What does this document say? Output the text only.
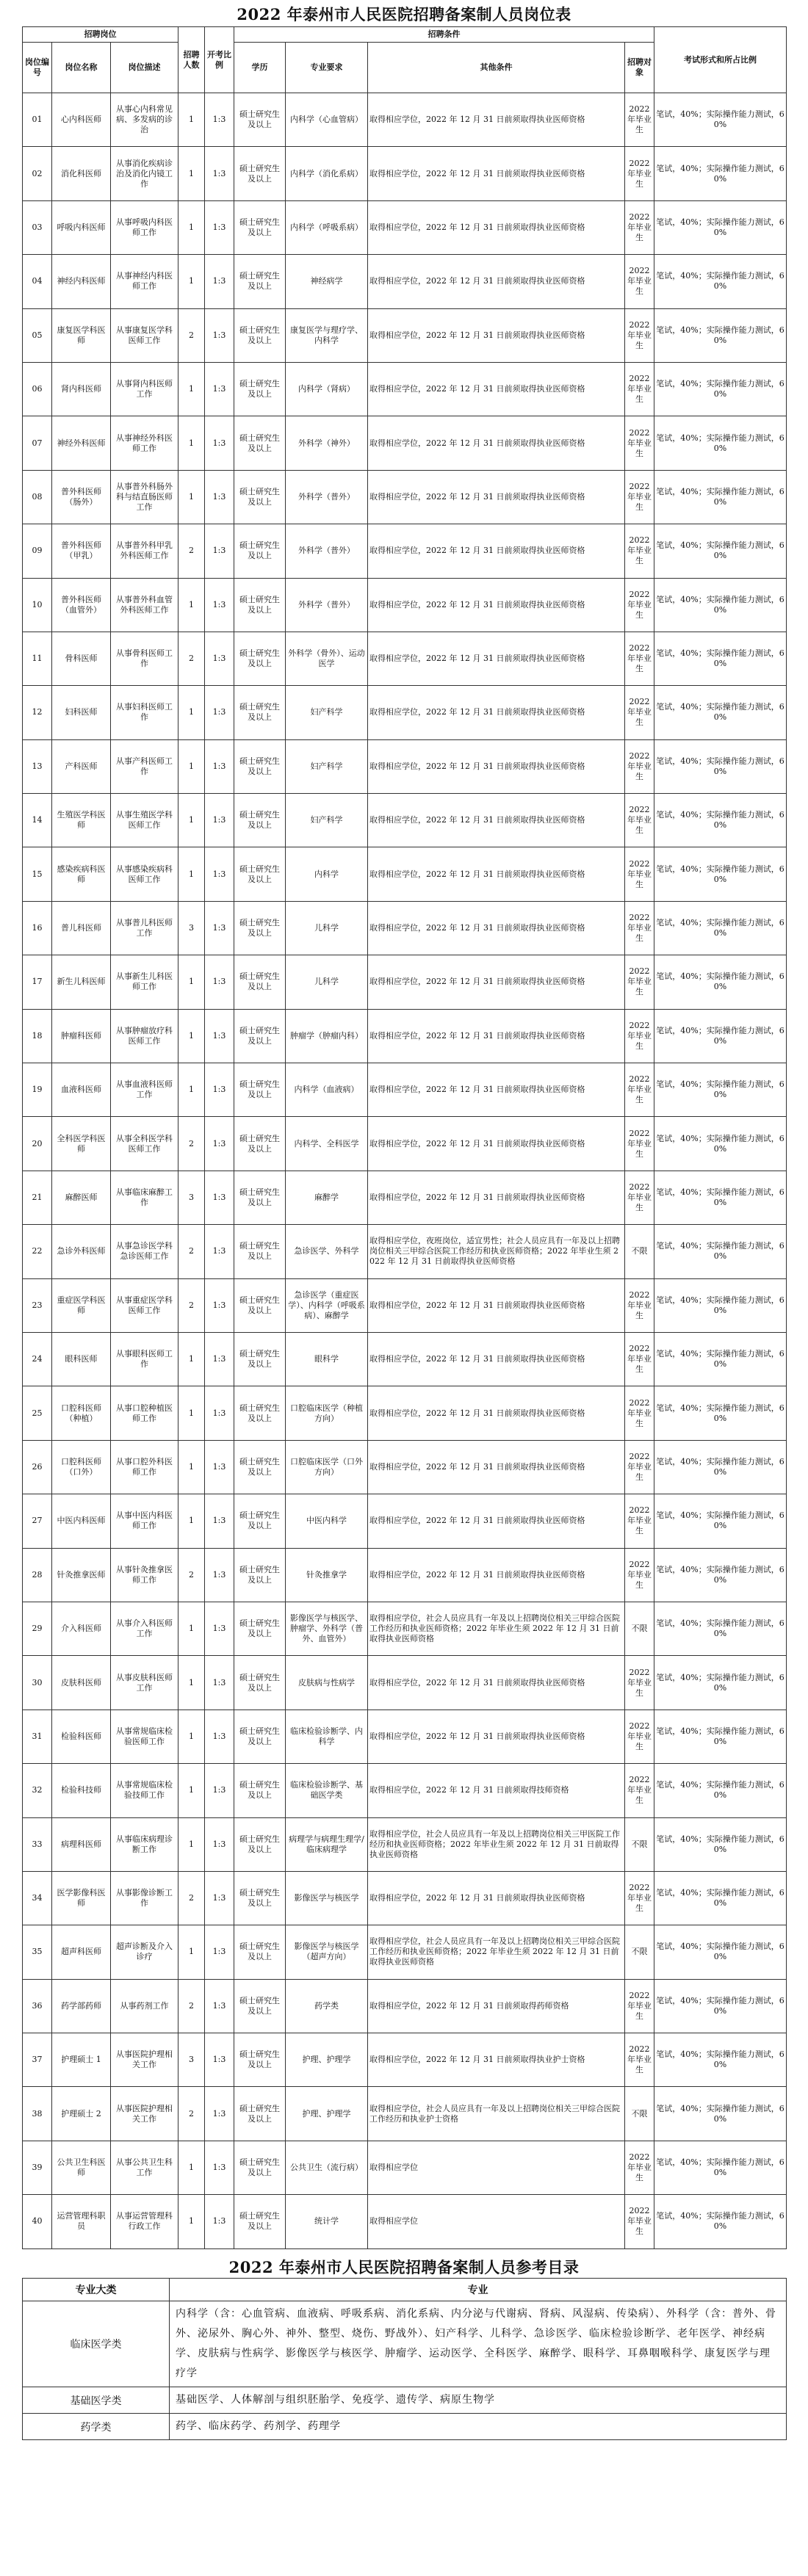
2022 年泰州市人民医院招聘备案制人员岗位表
招聘岗位			招聘人数	开考比例	招聘条件				考试形式和所占比例
岗位编号	岗位名称	岗位描述			学历	专业要求	其他条件	招聘对象	
01	心内科医师	从事心内科常见病、多发病的诊治	1	1:3	硕士研究生及以上	内科学（心血管病）	取得相应学位，2022 年 12 月 31 日前须取得执业医师资格	2022年毕业生	笔试，40%；实际操作能力测试，60%
02	消化科医师	从事消化疾病诊治及消化内镜工作	1	1:3	硕士研究生及以上	内科学（消化系病）	取得相应学位，2022 年 12 月 31 日前须取得执业医师资格	2022年毕业生	笔试，40%；实际操作能力测试，60%
03	呼吸内科医师	从事呼吸内科医师工作	1	1:3	硕士研究生及以上	内科学（呼吸系病）	取得相应学位，2022 年 12 月 31 日前须取得执业医师资格	2022年毕业生	笔试，40%；实际操作能力测试，60%
04	神经内科医师	从事神经内科医师工作	1	1:3	硕士研究生及以上	神经病学	取得相应学位，2022 年 12 月 31 日前须取得执业医师资格	2022年毕业生	笔试，40%；实际操作能力测试，60%
05	康复医学科医师	从事康复医学科医师工作	2	1:3	硕士研究生及以上	康复医学与理疗学、内科学	取得相应学位，2022 年 12 月 31 日前须取得执业医师资格	2022年毕业生	笔试，40%；实际操作能力测试，60%
06	肾内科医师	从事肾内科医师工作	1	1:3	硕士研究生及以上	内科学（肾病）	取得相应学位，2022 年 12 月 31 日前须取得执业医师资格	2022年毕业生	笔试，40%；实际操作能力测试，60%
07	神经外科医师	从事神经外科医师工作	1	1:3	硕士研究生及以上	外科学（神外）	取得相应学位，2022 年 12 月 31 日前须取得执业医师资格	2022年毕业生	笔试，40%；实际操作能力测试，60%
08	普外科医师（肠外）	从事普外科肠外科与结直肠医师工作	1	1:3	硕士研究生及以上	外科学（普外）	取得相应学位，2022 年 12 月 31 日前须取得执业医师资格	2022年毕业生	笔试，40%；实际操作能力测试，60%
09	普外科医师（甲乳）	从事普外科甲乳外科医师工作	2	1:3	硕士研究生及以上	外科学（普外）	取得相应学位，2022 年 12 月 31 日前须取得执业医师资格	2022年毕业生	笔试，40%；实际操作能力测试，60%
10	普外科医师（血管外）	从事普外科血管外科医师工作	1	1:3	硕士研究生及以上	外科学（普外）	取得相应学位，2022 年 12 月 31 日前须取得执业医师资格	2022年毕业生	笔试，40%；实际操作能力测试，60%
11	骨科医师	从事骨科医师工作	2	1:3	硕士研究生及以上	外科学（骨外）、运动医学	取得相应学位，2022 年 12 月 31 日前须取得执业医师资格	2022年毕业生	笔试，40%；实际操作能力测试，60%
12	妇科医师	从事妇科医师工作	1	1:3	硕士研究生及以上	妇产科学	取得相应学位，2022 年 12 月 31 日前须取得执业医师资格	2022年毕业生	笔试，40%；实际操作能力测试，60%
13	产科医师	从事产科医师工作	1	1:3	硕士研究生及以上	妇产科学	取得相应学位，2022 年 12 月 31 日前须取得执业医师资格	2022年毕业生	笔试，40%；实际操作能力测试，60%
14	生殖医学科医师	从事生殖医学科医师工作	1	1:3	硕士研究生及以上	妇产科学	取得相应学位，2022 年 12 月 31 日前须取得执业医师资格	2022年毕业生	笔试，40%；实际操作能力测试，60%
15	感染疾病科医师	从事感染疾病科医师工作	1	1:3	硕士研究生及以上	内科学	取得相应学位，2022 年 12 月 31 日前须取得执业医师资格	2022年毕业生	笔试，40%；实际操作能力测试，60%
16	普儿科医师	从事普儿科医师工作	3	1:3	硕士研究生及以上	儿科学	取得相应学位，2022 年 12 月 31 日前须取得执业医师资格	2022年毕业生	笔试，40%；实际操作能力测试，60%
17	新生儿科医师	从事新生儿科医师工作	1	1:3	硕士研究生及以上	儿科学	取得相应学位，2022 年 12 月 31 日前须取得执业医师资格	2022年毕业生	笔试，40%；实际操作能力测试，60%
18	肿瘤科医师	从事肿瘤放疗科医师工作	1	1:3	硕士研究生及以上	肿瘤学（肿瘤内科）	取得相应学位，2022 年 12 月 31 日前须取得执业医师资格	2022年毕业生	笔试，40%；实际操作能力测试，60%
19	血液科医师	从事血液科医师工作	1	1:3	硕士研究生及以上	内科学（血液病）	取得相应学位，2022 年 12 月 31 日前须取得执业医师资格	2022年毕业生	笔试，40%；实际操作能力测试，60%
20	全科医学科医师	从事全科医学科医师工作	2	1:3	硕士研究生及以上	内科学、全科医学	取得相应学位，2022 年 12 月 31 日前须取得执业医师资格	2022年毕业生	笔试，40%；实际操作能力测试，60%
21	麻醉医师	从事临床麻醉工作	3	1:3	硕士研究生及以上	麻醉学	取得相应学位，2022 年 12 月 31 日前须取得执业医师资格	2022年毕业生	笔试，40%；实际操作能力测试，60%
22	急诊外科医师	从事急诊医学科急诊医师工作	2	1:3	硕士研究生及以上	急诊医学、外科学	取得相应学位，夜班岗位，适宜男性；社会人员应具有一年及以上招聘岗位相关三甲综合医院工作经历和执业医师资格；2022 年毕业生须 2022 年 12 月 31 日前取得执业医师资格	不限	笔试，40%；实际操作能力测试，60%
23	重症医学科医师	从事重症医学科医师工作	2	1:3	硕士研究生及以上	急诊医学（重症医学）、内科学（呼吸系病）、麻醉学	取得相应学位，2022 年 12 月 31 日前须取得执业医师资格	2022年毕业生	笔试，40%；实际操作能力测试，60%
24	眼科医师	从事眼科医师工作	1	1:3	硕士研究生及以上	眼科学	取得相应学位，2022 年 12 月 31 日前须取得执业医师资格	2022年毕业生	笔试，40%；实际操作能力测试，60%
25	口腔科医师（种植）	从事口腔种植医师工作	1	1:3	硕士研究生及以上	口腔临床医学（种植方向）	取得相应学位，2022 年 12 月 31 日前须取得执业医师资格	2022年毕业生	笔试，40%；实际操作能力测试，60%
26	口腔科医师（口外）	从事口腔外科医师工作	1	1:3	硕士研究生及以上	口腔临床医学（口外方向）	取得相应学位，2022 年 12 月 31 日前须取得执业医师资格	2022年毕业生	笔试，40%；实际操作能力测试，60%
27	中医内科医师	从事中医内科医师工作	1	1:3	硕士研究生及以上	中医内科学	取得相应学位，2022 年 12 月 31 日前须取得执业医师资格	2022年毕业生	笔试，40%；实际操作能力测试，60%
28	针灸推拿医师	从事针灸推拿医师工作	2	1:3	硕士研究生及以上	针灸推拿学	取得相应学位，2022 年 12 月 31 日前须取得执业医师资格	2022年毕业生	笔试，40%；实际操作能力测试，60%
29	介入科医师	从事介入科医师工作	1	1:3	硕士研究生及以上	影像医学与核医学、肿瘤学、外科学（普外、血管外）	取得相应学位，社会人员应具有一年及以上招聘岗位相关三甲综合医院工作经历和执业医师资格；2022 年毕业生须 2022 年 12 月 31 日前取得执业医师资格	不限	笔试，40%；实际操作能力测试，60%
30	皮肤科医师	从事皮肤科医师工作	1	1:3	硕士研究生及以上	皮肤病与性病学	取得相应学位，2022 年 12 月 31 日前须取得执业医师资格	2022年毕业生	笔试，40%；实际操作能力测试，60%
31	检验科医师	从事常规临床检验医师工作	1	1:3	硕士研究生及以上	临床检验诊断学、内科学	取得相应学位，2022 年 12 月 31 日前须取得执业医师资格	2022年毕业生	笔试，40%；实际操作能力测试，60%
32	检验科技师	从事常规临床检验技师工作	1	1:3	硕士研究生及以上	临床检验诊断学、基础医学类	取得相应学位，2022 年 12 月 31 日前须取得技师资格	2022年毕业生	笔试，40%；实际操作能力测试，60%
33	病理科医师	从事临床病理诊断工作	1	1:3	硕士研究生及以上	病理学与病理生理学/临床病理学	取得相应学位，社会人员应具有一年及以上招聘岗位相关三甲医院工作经历和执业医师资格；2022 年毕业生须 2022 年 12 月 31 日前取得执业医师资格	不限	笔试，40%；实际操作能力测试，60%
34	医学影像科医师	从事影像诊断工作	2	1:3	硕士研究生及以上	影像医学与核医学	取得相应学位，2022 年 12 月 31 日前须取得执业医师资格	2022年毕业生	笔试，40%；实际操作能力测试，60%
35	超声科医师	超声诊断及介入诊疗	1	1:3	硕士研究生及以上	影像医学与核医学（超声方向）	取得相应学位，社会人员应具有一年及以上招聘岗位相关三甲综合医院工作经历和执业医师资格；2022 年毕业生须 2022 年 12 月 31 日前取得执业医师资格	不限	笔试，40%；实际操作能力测试，60%
36	药学部药师	从事药剂工作	2	1:3	硕士研究生及以上	药学类	取得相应学位，2022 年 12 月 31 日前须取得药师资格	2022年毕业生	笔试，40%；实际操作能力测试，60%
37	护理硕士 1	从事医院护理相关工作	3	1:3	硕士研究生及以上	护理、护理学	取得相应学位，2022 年 12 月 31 日前须取得执业护士资格	2022年毕业生	笔试，40%；实际操作能力测试，60%
38	护理硕士 2	从事医院护理相关工作	2	1:3	硕士研究生及以上	护理、护理学	取得相应学位，社会人员应具有一年及以上招聘岗位相关三甲综合医院工作经历和执业护士资格	不限	笔试，40%；实际操作能力测试，60%
39	公共卫生科医师	从事公共卫生科工作	1	1:3	硕士研究生及以上	公共卫生（流行病）	取得相应学位	2022年毕业生	笔试，40%；实际操作能力测试，60%
40	运营管理科职员	从事运营管理科行政工作	1	1:3	硕士研究生及以上	统计学	取得相应学位	2022年毕业生	笔试，40%；实际操作能力测试，60%
2022 年泰州市人民医院招聘备案制人员参考目录
专业大类	专业
临床医学类	内科学（含：心血管病、血液病、呼吸系病、消化系病、内分泌与代谢病、肾病、风湿病、传染病）、外科学（含：普外、骨外、泌尿外、胸心外、神外、整型、烧伤、野战外）、妇产科学、儿科学、急诊医学、临床检验诊断学、老年医学、神经病学、皮肤病与性病学、影像医学与核医学、肿瘤学、运动医学、全科医学、麻醉学、眼科学、耳鼻咽喉科学、康复医学与理疗学
基础医学类	基础医学、人体解剖与组织胚胎学、免疫学、遗传学、病原生物学
药学类	药学、临床药学、药剂学、药理学
